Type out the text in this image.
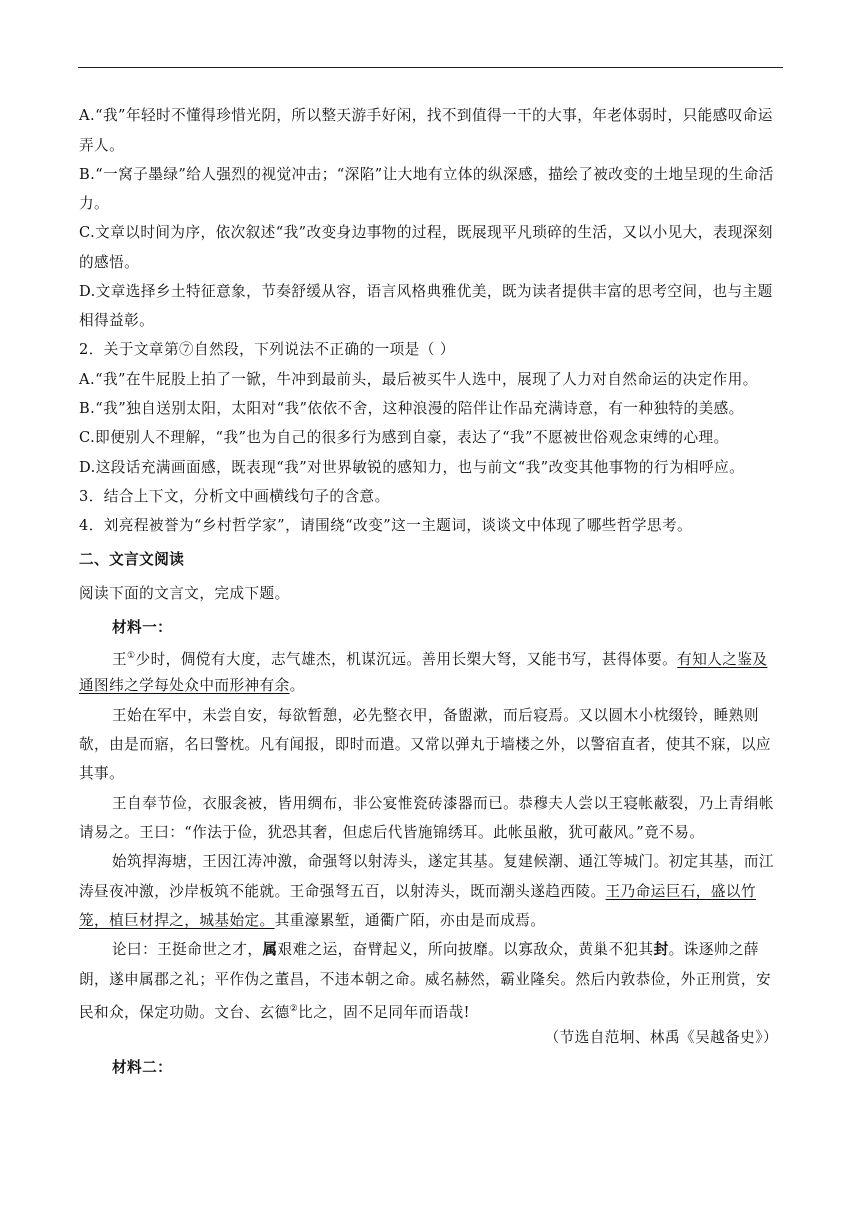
A.“我”年轻时不懂得珍惜光阴，所以整天游手好闲，找不到值得一干的大事，年老体弱时，只能感叹命运
弄人。
B.“一窝子墨绿”给人强烈的视觉冲击；“深陷”让大地有立体的纵深感，描绘了被改变的土地呈现的生命活
力。
C.文章以时间为序，依次叙述“我”改变身边事物的过程，既展现平凡琐碎的生活，又以小见大，表现深刻
的感悟。
D.文章选择乡土特征意象，节奏舒缓从容，语言风格典雅优美，既为读者提供丰富的思考空间，也与主题
相得益彰。
2．关于文章第⑦自然段，下列说法不正确的一项是（ ）
A.“我”在牛屁股上拍了一锨，牛冲到最前头，最后被买牛人选中，展现了人力对自然命运的决定作用。
B.“我”独自送别太阳，太阳对“我”依依不舍，这种浪漫的陪伴让作品充满诗意，有一种独特的美感。
C.即便别人不理解，“我”也为自己的很多行为感到自豪，表达了“我”不愿被世俗观念束缚的心理。
D.这段话充满画面感，既表现“我”对世界敏锐的感知力，也与前文“我”改变其他事物的行为相呼应。
3．结合上下文，分析文中画横线句子的含意。
4．刘亮程被誉为“乡村哲学家”，请围绕“改变”这一主题词，谈谈文中体现了哪些哲学思考。
二、文言文阅读
阅读下面的文言文，完成下题。
材料一：
王①少时，倜傥有大度，志气雄杰，机谋沉远。善用长槊大弩，又能书写，甚得体要。有知人之鉴及
通图纬之学每处众中而形神有余。
王始在军中，未尝自安，每欲暂憩，必先整衣甲，备盥漱，而后寝焉。又以圆木小枕缀铃，睡熟则
欹，由是而寤，名曰警枕。凡有闻报，即时而遣。又常以弹丸于墙楼之外，以警宿直者，使其不寐，以应
其事。
王自奉节俭，衣服衾被，皆用绸布，非公宴惟瓷砖漆器而已。恭穆夫人尝以王寝帐蔽裂，乃上青绢帐
请易之。王曰：“作法于俭，犹恐其奢，但虑后代皆施锦绣耳。此帐虽敝，犹可蔽风。”竟不易。
始筑捍海塘，王因江涛冲激，命强弩以射涛头，遂定其基。复建候潮、通江等城门。初定其基，而江
涛昼夜冲激，沙岸板筑不能就。王命强弩五百，以射涛头，既而潮头遂趋西陵。王乃命运巨石，盛以竹
笼，植巨材捍之，城基始定。其重濠累堑，通衢广陌，亦由是而成焉。
论曰：王挺命世之才，属艰难之运，奋臂起义，所向披靡。以寡敌众，黄巢不犯其封。诛逐帅之薛
朗，遂申属郡之礼；平作伪之董昌，不违本朝之命。威名赫然，霸业隆矣。然后内敦恭俭，外正刑赏，安
民和众，保定功勋。文台、玄德②比之，固不足同年而语哉!
（节选自范坰、林禹《吴越备史》）
材料二：
